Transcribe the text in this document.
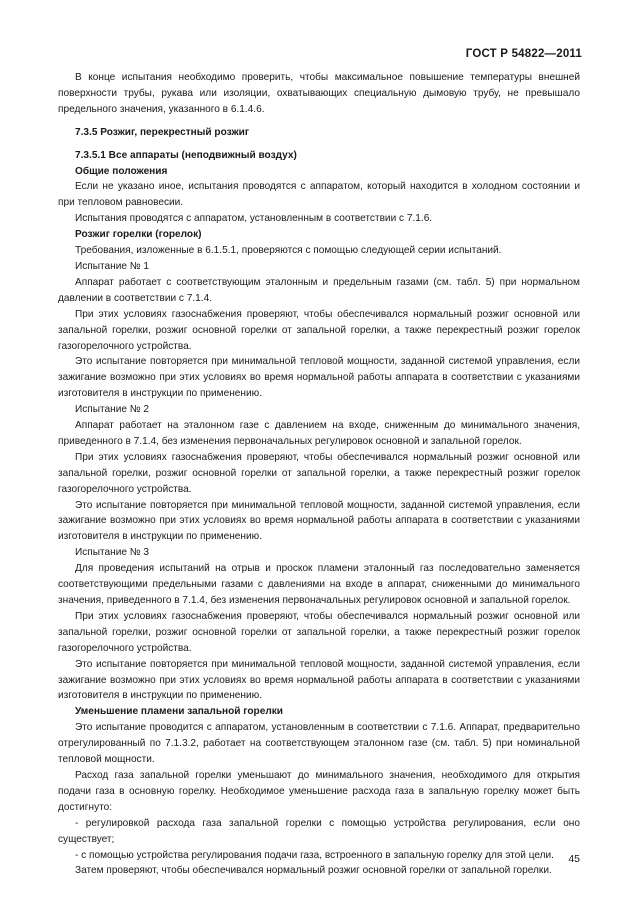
ГОСТ Р 54822—2011

В конце испытания необходимо проверить, чтобы максимальное повышение температуры внешней поверхности трубы, рукава или изоляции, охватывающих специальную дымовую трубу, не превышало предельного значения, указанного в 6.1.4.6.

7.3.5 Розжиг, перекрестный розжиг
7.3.5.1 Все аппараты (неподвижный воздух)
Общие положения

Если не указано иное, испытания проводятся с аппаратом, который находится в холодном состоянии и при тепловом равновесии.

Испытания проводятся с аппаратом, установленным в соответствии с 7.1.6.

Розжиг горелки (горелок)

Требования, изложенные в 6.1.5.1, проверяются с помощью следующей серии испытаний.

Испытание № 1

Аппарат работает с соответствующим эталонным и предельным газами (см. табл. 5) при нормальном давлении в соответствии с 7.1.4.

При этих условиях газоснабжения проверяют, чтобы обеспечивался нормальный розжиг основной или запальной горелки, розжиг основной горелки от запальной горелки, а также перекрестный розжиг горелок газогорелочного устройства.

Это испытание повторяется при минимальной тепловой мощности, заданной системой управления, если зажигание возможно при этих условиях во время нормальной работы аппарата в соответствии с указаниями изготовителя в инструкции по применению.

Испытание № 2

Аппарат работает на эталонном газе с давлением на входе, сниженным до минимального значения, приведенного в 7.1.4, без изменения первоначальных регулировок основной и запальной горелок.

При этих условиях газоснабжения проверяют, чтобы обеспечивался нормальный розжиг основной или запальной горелки, розжиг основной горелки от запальной горелки, а также перекрестный розжиг горелок газогорелочного устройства.

Это испытание повторяется при минимальной тепловой мощности, заданной системой управления, если зажигание возможно при этих условиях во время нормальной работы аппарата в соответствии с указаниями изготовителя в инструкции по применению.

Испытание № 3

Для проведения испытаний на отрыв и проскок пламени эталонный газ последовательно заменяется соответствующими предельными газами с давлениями на входе в аппарат, сниженными до минимального значения, приведенного в 7.1.4, без изменения первоначальных регулировок основной и запальной горелок.

При этих условиях газоснабжения проверяют, чтобы обеспечивался нормальный розжиг основной или запальной горелки, розжиг основной горелки от запальной горелки, а также перекрестный розжиг горелок газогорелочного устройства.

Это испытание повторяется при минимальной тепловой мощности, заданной системой управления, если зажигание возможно при этих условиях во время нормальной работы аппарата в соответствии с указаниями изготовителя в инструкции по применению.

Уменьшение пламени запальной горелки

Это испытание проводится с аппаратом, установленным в соответствии с 7.1.6. Аппарат, предварительно отрегулированный по 7.1.3.2, работает на соответствующем эталонном газе (см. табл. 5) при номинальной тепловой мощности.

Расход газа запальной горелки уменьшают до минимального значения, необходимого для открытия подачи газа в основную горелку. Необходимое уменьшение расхода газа в запальную горелку может быть достигнуто:

- регулировкой расхода газа запальной горелки с помощью устройства регулирования, если оно существует;

- с помощью устройства регулирования подачи газа, встроенного в запальную горелку для этой цели.

Затем проверяют, чтобы обеспечивался нормальный розжиг основной горелки от запальной горелки.

45
